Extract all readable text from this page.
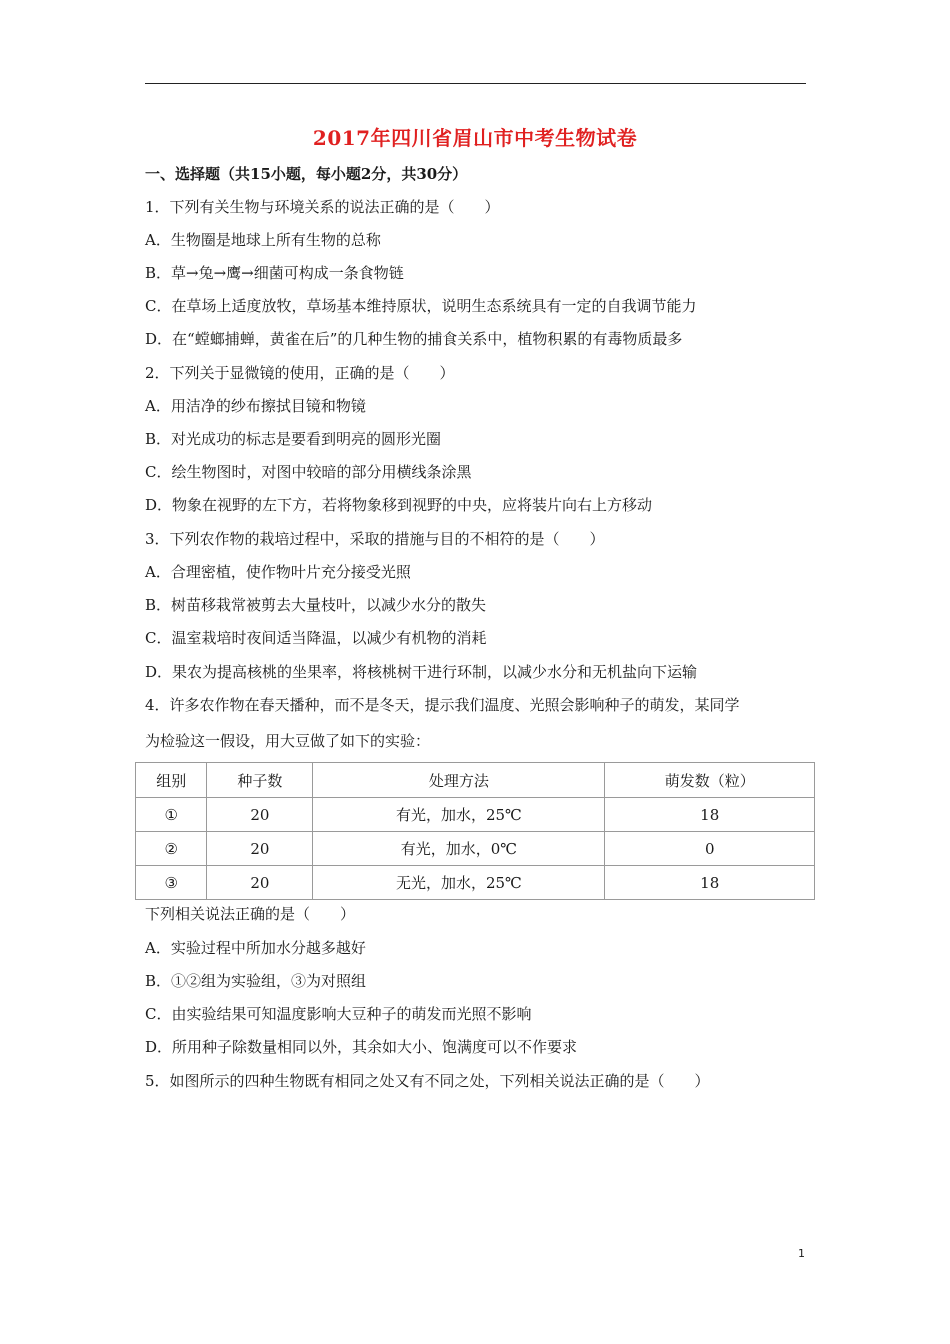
2017年四川省眉山市中考生物试卷
一、选择题（共15小题，每小题2分，共30分）
1．下列有关生物与环境关系的说法正确的是（　　）
A．生物圈是地球上所有生物的总称
B．草→兔→鹰→细菌可构成一条食物链
C．在草场上适度放牧，草场基本维持原状，说明生态系统具有一定的自我调节能力
D．在“螳螂捕蝉，黄雀在后”的几种生物的捕食关系中，植物积累的有毒物质最多
2．下列关于显微镜的使用，正确的是（　　）
A．用洁净的纱布擦拭目镜和物镜
B．对光成功的标志是要看到明亮的圆形光圈
C．绘生物图时，对图中较暗的部分用横线条涂黑
D．物象在视野的左下方，若将物象移到视野的中央，应将装片向右上方移动
3．下列农作物的栽培过程中，采取的措施与目的不相符的是（　　）
A．合理密植，使作物叶片充分接受光照
B．树苗移栽常被剪去大量枝叶，以减少水分的散失
C．温室栽培时夜间适当降温，以减少有机物的消耗
D．果农为提高核桃的坐果率，将核桃树干进行环制，以减少水分和无机盐向下运输
4．许多农作物在春天播种，而不是冬天，提示我们温度、光照会影响种子的萌发，某同学
为检验这一假设，用大豆做了如下的实验：
组别	种子数	处理方法	萌发数（粒）
①	20	有光，加水，25℃	18
②	20	有光，加水，0℃	0
③	20	无光，加水，25℃	18
下列相关说法正确的是（　　）
A．实验过程中所加水分越多越好
B．①②组为实验组，③为对照组
C．由实验结果可知温度影响大豆种子的萌发而光照不影响
D．所用种子除数量相同以外，其余如大小、饱满度可以不作要求
5．如图所示的四种生物既有相同之处又有不同之处，下列相关说法正确的是（　　）
1
